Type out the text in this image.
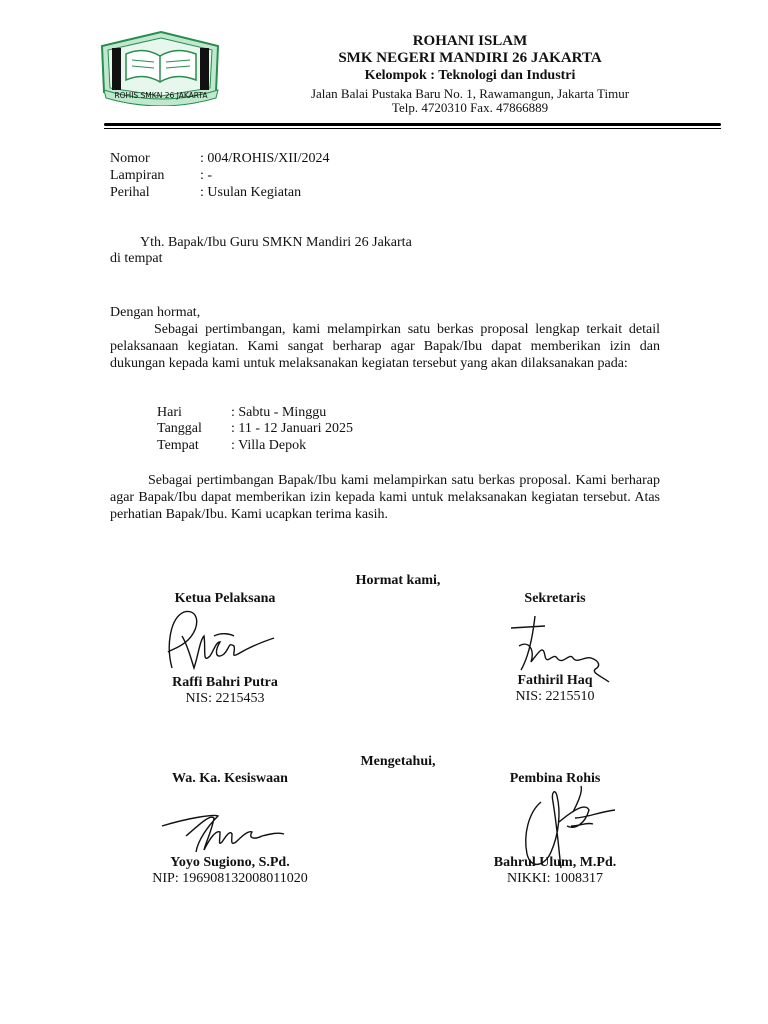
ROHIS SMKN 26 JAKARTA
ROHANI ISLAM
SMK NEGERI MANDIRI 26 JAKARTA
Kelompok : Teknologi dan Industri
Jalan Balai Pustaka Baru No. 1, Rawamangun, Jakarta Timur
Telp. 4720310 Fax. 47866889
Nomor	: 004/ROHIS/XII/2024
Lampiran	: -
Perihal	: Usulan Kegiatan
Yth. Bapak/Ibu Guru SMKN Mandiri 26 Jakarta
di tempat
Dengan hormat,
Sebagai pertimbangan, kami melampirkan satu berkas proposal lengkap terkait detail pelaksanaan kegiatan. Kami sangat berharap agar Bapak/Ibu dapat memberikan izin dan dukungan kepada kami untuk melaksanakan kegiatan tersebut yang akan dilaksanakan pada:
Hari	: Sabtu - Minggu
Tanggal : 11 - 12 Januari 2025
Tempat : Villa Depok
Sebagai pertimbangan Bapak/Ibu kami melampirkan satu berkas proposal. Kami berharap agar Bapak/Ibu dapat memberikan izin kepada kami untuk melaksanakan kegiatan tersebut. Atas perhatian Bapak/Ibu. Kami ucapkan terima kasih.
Hormat kami,
Ketua Pelaksana
Raffi Bahri Putra
NIS: 2215453
Sekretaris
Fathiril Haq
NIS: 2215510
Mengetahui,
Wa. Ka. Kesiswaan
Yoyo Sugiono, S.Pd.
NIP: 196908132008011020
Pembina Rohis
Bahrul Ulum, M.Pd.
NIKKI: 1008317
